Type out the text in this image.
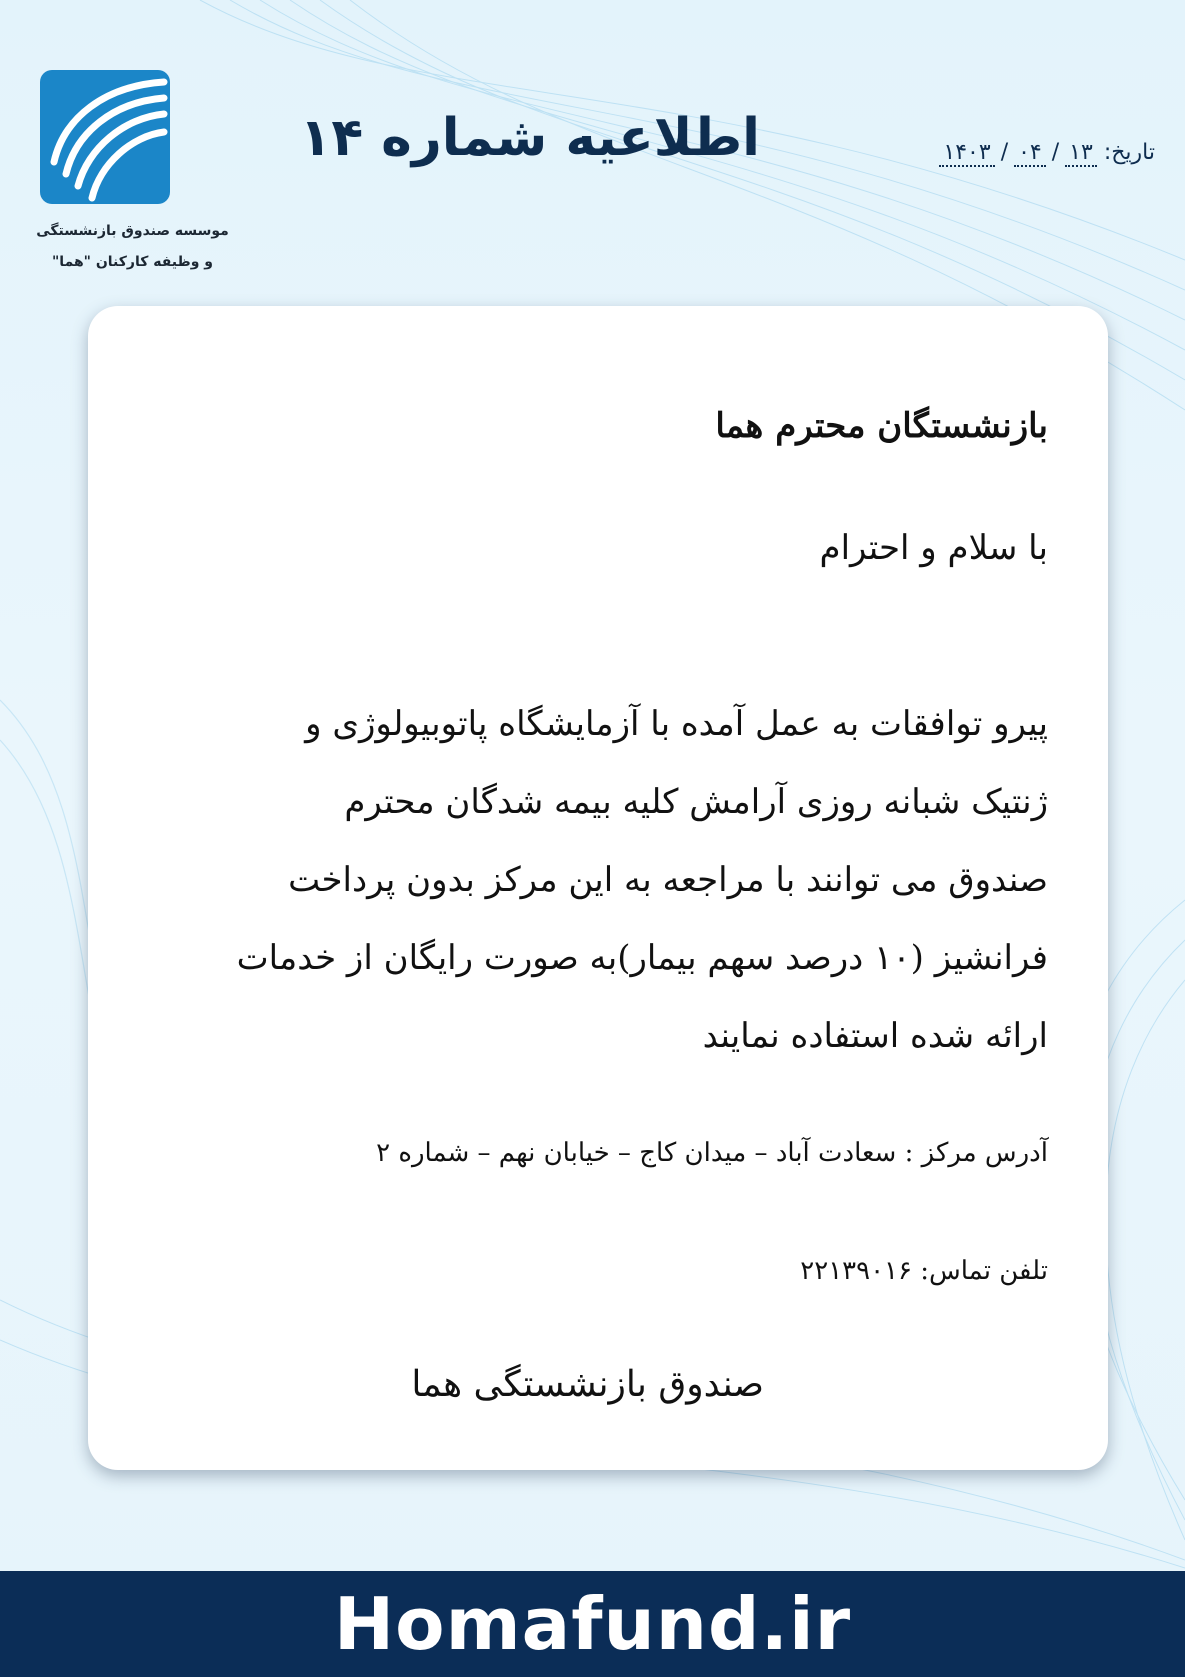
موسسه صندوق بازنشستگی
و وظیفه کارکنان "هما"
اطلاعیه شماره ۱۴	تاریخ: ۱۳/۰۴/۱۴۰۳
بازنشستگان محترم هما
با سلام و احترام
پیرو توافقات به عمل آمده با آزمایشگاه پاتوبیولوژی و
ژنتیک شبانه روزی آرامش کلیه بیمه شدگان محترم
صندوق می توانند با مراجعه به این مرکز بدون پرداخت
فرانشیز (۱۰ درصد سهم بیمار)به صورت رایگان از خدمات
ارائه شده استفاده نمایند
آدرس مرکز : سعادت آباد – میدان کاج – خیابان نهم – شماره ۲
تلفن تماس: ۲۲۱۳۹۰۱۶
صندوق بازنشستگی هما
Homafund.ir
